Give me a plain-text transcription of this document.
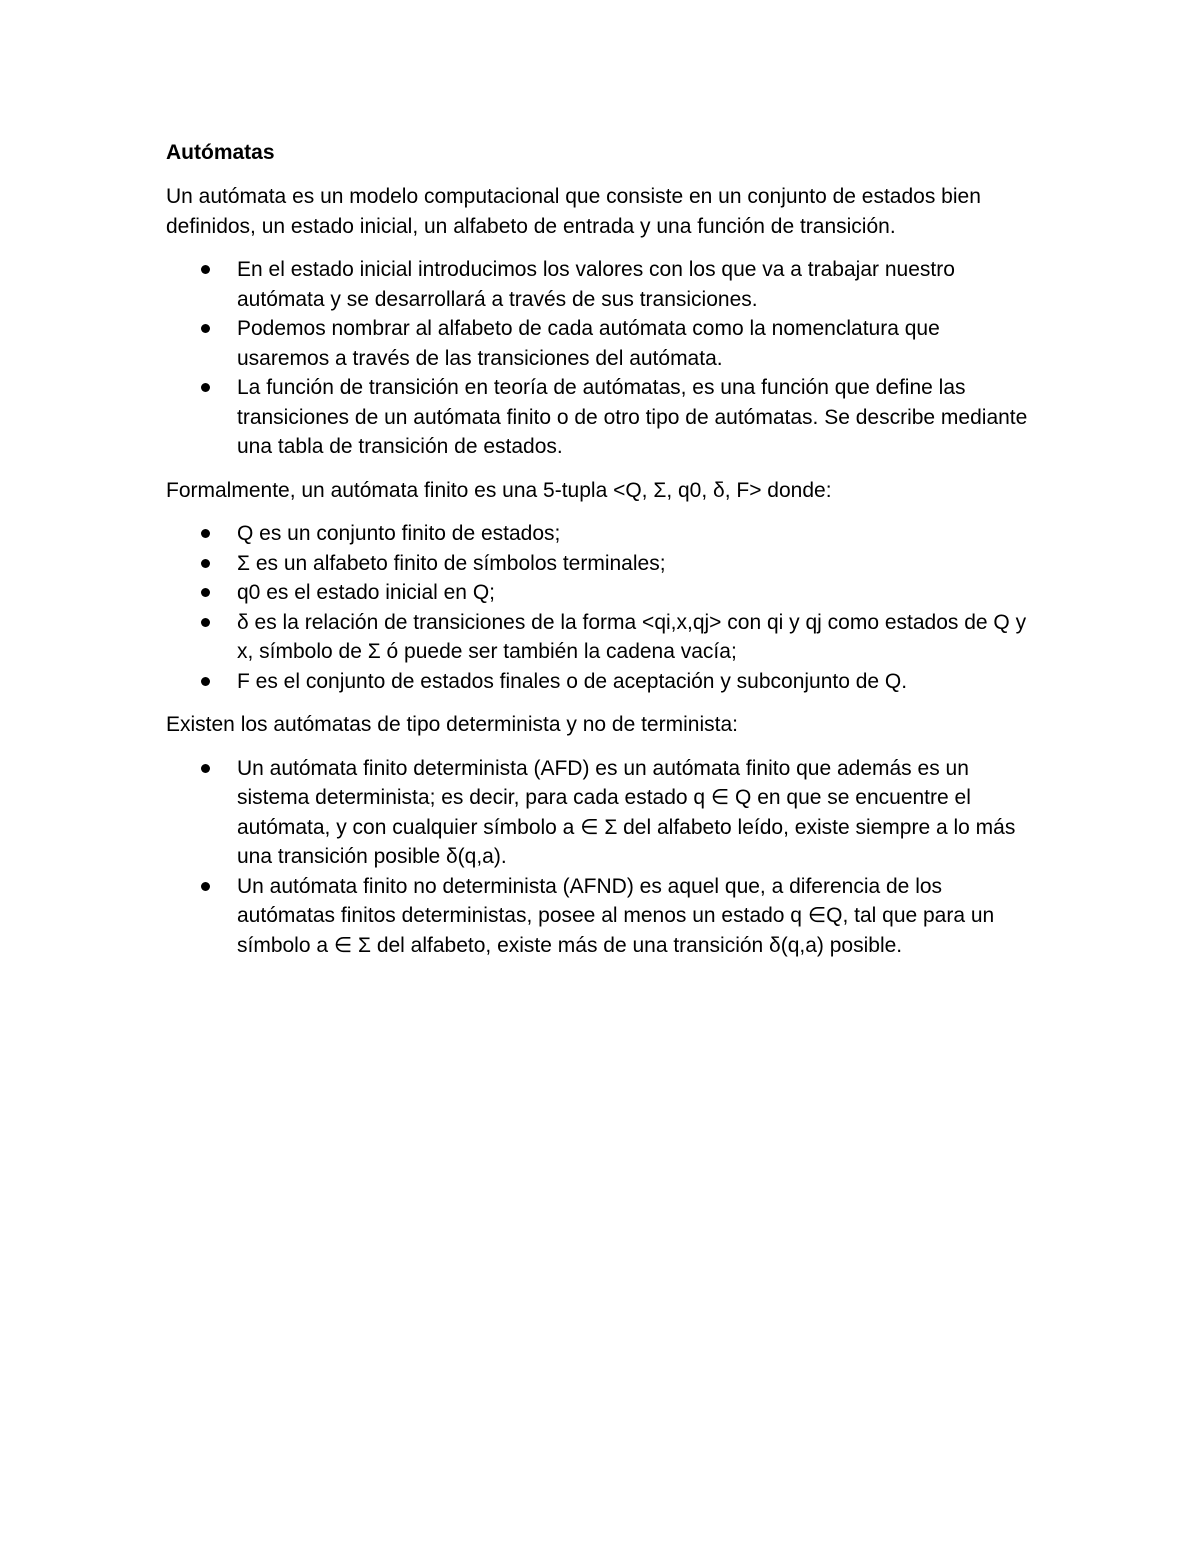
Autómatas

Un autómata es un modelo computacional que consiste en un conjunto de estados bien definidos, un estado inicial, un alfabeto de entrada y una función de transición.

En el estado inicial introducimos los valores con los que va a trabajar nuestro autómata y se desarrollará a través de sus transiciones.
Podemos nombrar al alfabeto de cada autómata como la nomenclatura que usaremos a través de las transiciones del autómata.
La función de transición en teoría de autómatas, es una función que define las transiciones de un autómata finito o de otro tipo de autómatas. Se describe mediante una tabla de transición de estados.

Formalmente, un autómata finito es una 5-tupla <Q, Σ, q0, δ, F> donde:

Q es un conjunto finito de estados;
Σ es un alfabeto finito de símbolos terminales;
q0 es el estado inicial en Q;
δ es la relación de transiciones de la forma <qi,x,qj> con qi y qj como estados de Q y x, símbolo de Σ ó puede ser también la cadena vacía;
F es el conjunto de estados finales o de aceptación y subconjunto de Q.

Existen los autómatas de tipo determinista y no de terminista:

Un autómata finito determinista (AFD) es un autómata finito que además es un sistema determinista; es decir, para cada estado q ∈ Q en que se encuentre el autómata, y con cualquier símbolo a ∈ Σ del alfabeto leído, existe siempre a lo más una transición posible δ(q,a).
Un autómata finito no determinista (AFND) es aquel que, a diferencia de los autómatas finitos deterministas, posee al menos un estado q ∈Q, tal que para un símbolo a ∈ Σ del alfabeto, existe más de una transición δ(q,a) posible.
